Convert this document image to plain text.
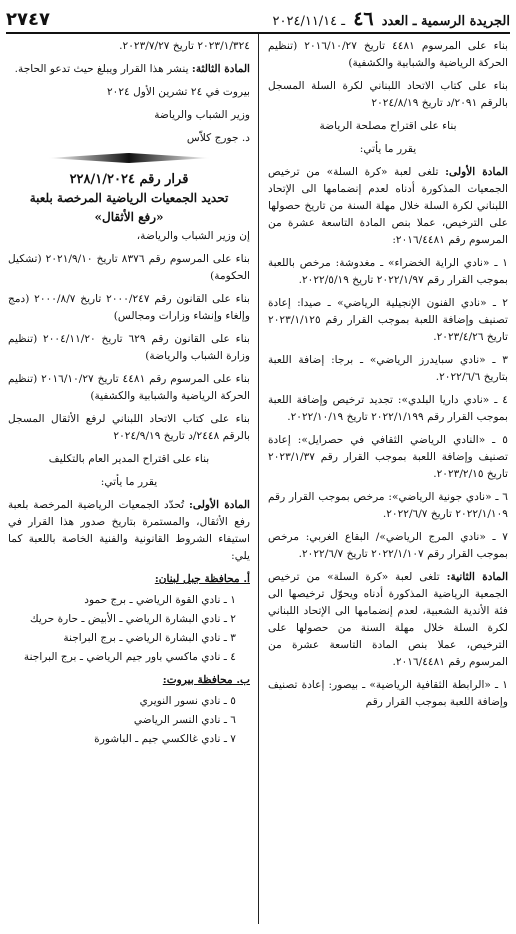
الجريدة الرسمية ـ العدد ٤٦ ـ ٢٠٢٤/١١/١٤
٢٧٤٧

بناء على المرسوم ٤٤٨١ تاريخ ٢٠١٦/١٠/٢٧ (تنظيم الحركة الرياضية والشبابية والكشفية)

بناء على كتاب الاتحاد اللبناني لكرة السلة المسجل بالرقم ٢٠٩١/د تاريخ ٢٠٢٤/٨/١٩

بناء على اقتراح مصلحة الرياضة

يقرر ما يأتي:

المادة الأولى: تلغى لعبة «كرة السلة» من ترخيص الجمعيات المذكورة أدناه لعدم إنضمامها الى الإتحاد اللبناني لكرة السلة خلال مهلة السنة من تاريخ حصولها على الترخيص، عملا بنص المادة التاسعة عشرة من المرسوم رقم ٢٠١٦/٤٤٨١:

١ ـ «نادي الراية الخضراء» ـ مغدوشة: مرخص باللعبة بموجب القرار رقم ٢٠٢٢/١/٩٧ تاريخ ٢٠٢٢/٥/١٩.

٢ ـ «نادي الفنون الإنجيلية الرياضي» ـ صيدا: إعادة تصنيف وإضافة اللعبة بموجب القرار رقم ٢٠٢٣/١/١٢٥ تاريخ ٢٠٢٣/٤/٢٦.

٣ ـ «نادي سبايدرز الرياضي» ـ برجا: إضافة اللعبة بتاريخ ٢٠٢٢/٦/٦.

٤ ـ «نادي داريا البلدي»: تجديد ترخيص وإضافة اللعبة بموجب القرار رقم ٢٠٢٢/١/١٩٩ تاريخ ٢٠٢٢/١٠/١٩.

٥ ـ «النادي الرياضي الثقافي في حصرايل»: إعادة تصنيف وإضافة اللعبة بموجب القرار رقم ٢٠٢٣/١/٣٧ تاريخ ٢٠٢٣/٢/١٥.

٦ ـ «نادي جونية الرياضي»: مرخص بموجب القرار رقم ٢٠٢٢/١/١٠٩ تاريخ ٢٠٢٢/٦/٧.

٧ ـ «نادي المرج الرياضي»/ البقاع الغربي: مرخص بموجب القرار رقم ٢٠٢٢/١/١٠٧ تاريخ ٢٠٢٢/٦/٧.

المادة الثانية: تلغى لعبة «كرة السلة» من ترخيص الجمعية الرياضية المذكورة أدناه ويحوّل ترخيصها الى فئة الأندية الشعبية، لعدم إنضمامها الى الإتحاد اللبناني لكرة السلة خلال مهلة السنة من حصولها على الترخيص، عملا بنص المادة التاسعة عشرة من المرسوم رقم ٢٠١٦/٤٤٨١.

١ ـ «الرابطة الثقافية الرياضية» ـ بيصور: إعادة تصنيف وإضافة اللعبة بموجب القرار رقم

٢٠٢٣/١/٣٢٤ تاريخ ٢٠٢٣/٧/٢٧.

المادة الثالثة: ينشر هذا القرار ويبلغ حيث تدعو الحاجة.

بيروت في ٢٤ تشرين الأول ٢٠٢٤

وزير الشباب والرياضة

د. جورج كلاّس

قرار رقم ٢٢٨/١/٢٠٢٤

تحديد الجمعيات الرياضية المرخصة بلعبة

«رفع الأثقال»

إن وزير الشباب والرياضة،

بناء على المرسوم رقم ٨٣٧٦ تاريخ ٢٠٢١/٩/١٠ (تشكيل الحكومة)

بناء على القانون رقم ٢٠٠٠/٢٤٧ تاريخ ٢٠٠٠/٨/٧ (دمج وإلغاء وإنشاء وزارات ومجالس)

بناء على القانون رقم ٦٢٩ تاريخ ٢٠٠٤/١١/٢٠ (تنظيم وزارة الشباب والرياضة)

بناء على المرسوم رقم ٤٤٨١ تاريخ ٢٠١٦/١٠/٢٧ (تنظيم الحركة الرياضية والشبابية والكشفية)

بناء على كتاب الاتحاد اللبناني لرفع الأثقال المسجل بالرقم ٢٤٤٨/د تاريخ ٢٠٢٤/٩/١٩

بناء على اقتراح المدير العام بالتكليف

يقرر ما يأتي:

المادة الأولى: تُحدّد الجمعيات الرياضية المرخصة بلعبة رفع الأثقال، والمستمرة بتاريخ صدور هذا القرار في استيفاء الشروط القانونية والفنية الخاصة باللعبة كما يلي:

أ. محافظة جبل لبنان:

١ ـ نادي القوة الرياضي ـ برج حمود
٢ ـ نادي البشارة الرياضي ـ الأبيض ـ حارة حريك
٣ ـ نادي البشارة الرياضي ـ برج البراجنة
٤ ـ نادي ماكسي باور جيم الرياضي ـ برج البراجنة

ب. محافظة بيروت:

٥ ـ نادي نسور النويري
٦ ـ نادي النسر الرياضي
٧ ـ نادي غالكسي جيم ـ الباشورة
